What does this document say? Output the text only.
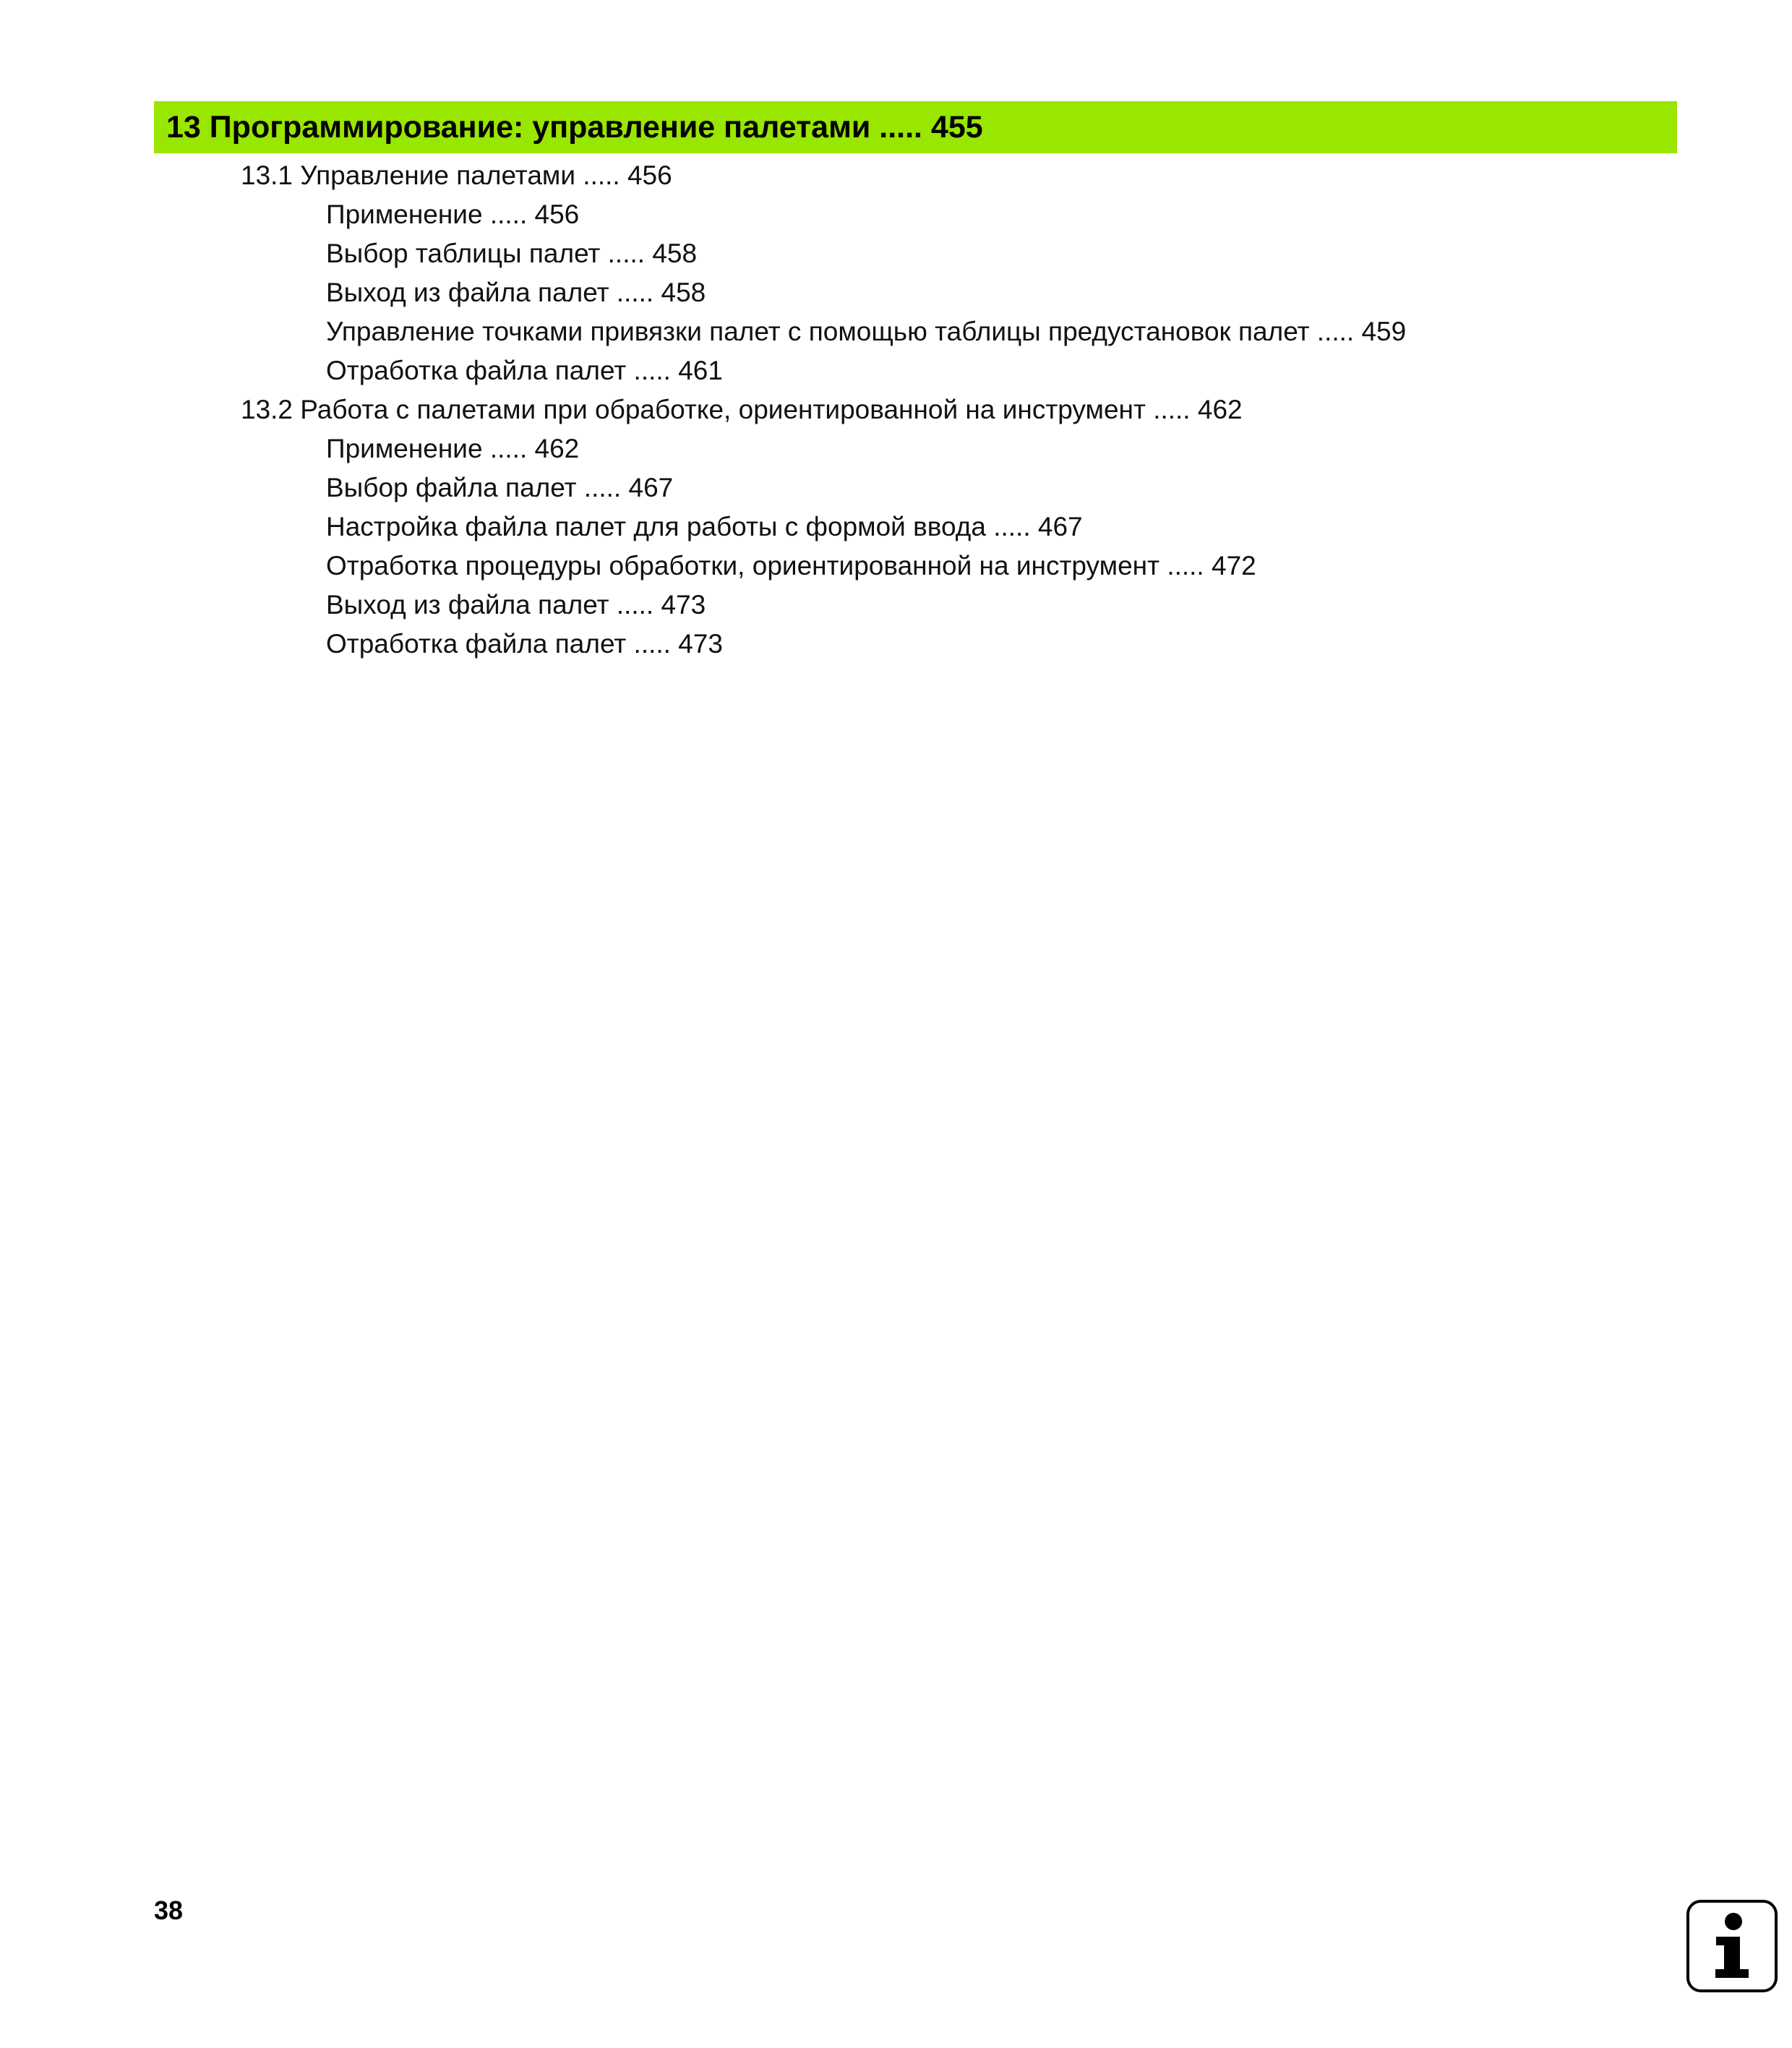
13 Программирование: управление палетами ..... 455
13.1 Управление палетами ..... 456
Применение ..... 456
Выбор таблицы палет ..... 458
Выход из файла палет ..... 458
Управление точками привязки палет с помощью таблицы предустановок палет ..... 459
Отработка файла палет ..... 461
13.2 Работа с палетами при обработке, ориентированной на инструмент ..... 462
Применение ..... 462
Выбор файла палет ..... 467
Настройка файла палет для работы с формой ввода ..... 467
Отработка процедуры обработки, ориентированной на инструмент ..... 472
Выход из файла палет ..... 473
Отработка файла палет ..... 473
38
